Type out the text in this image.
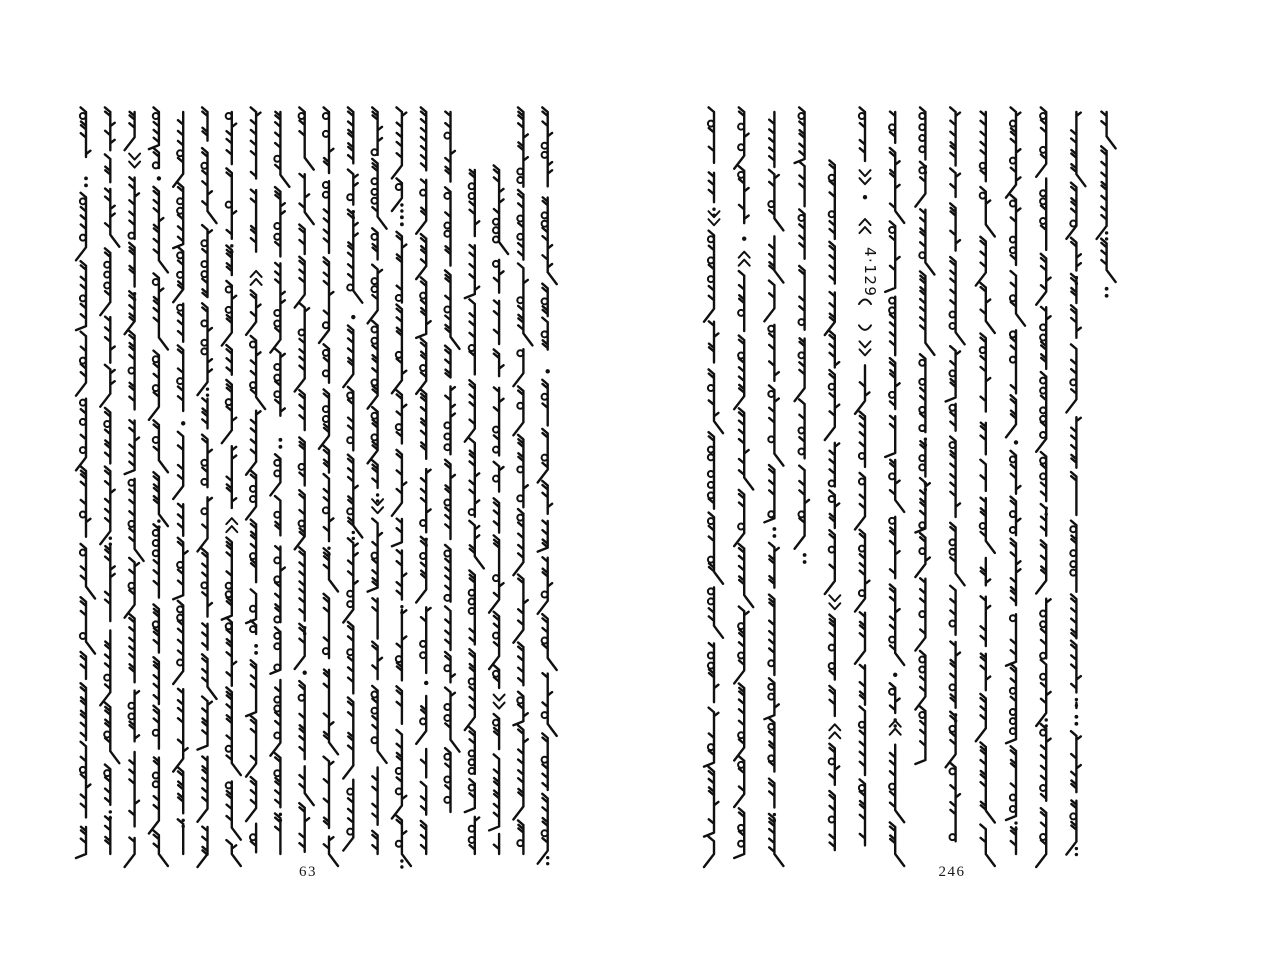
4·129
63	246
